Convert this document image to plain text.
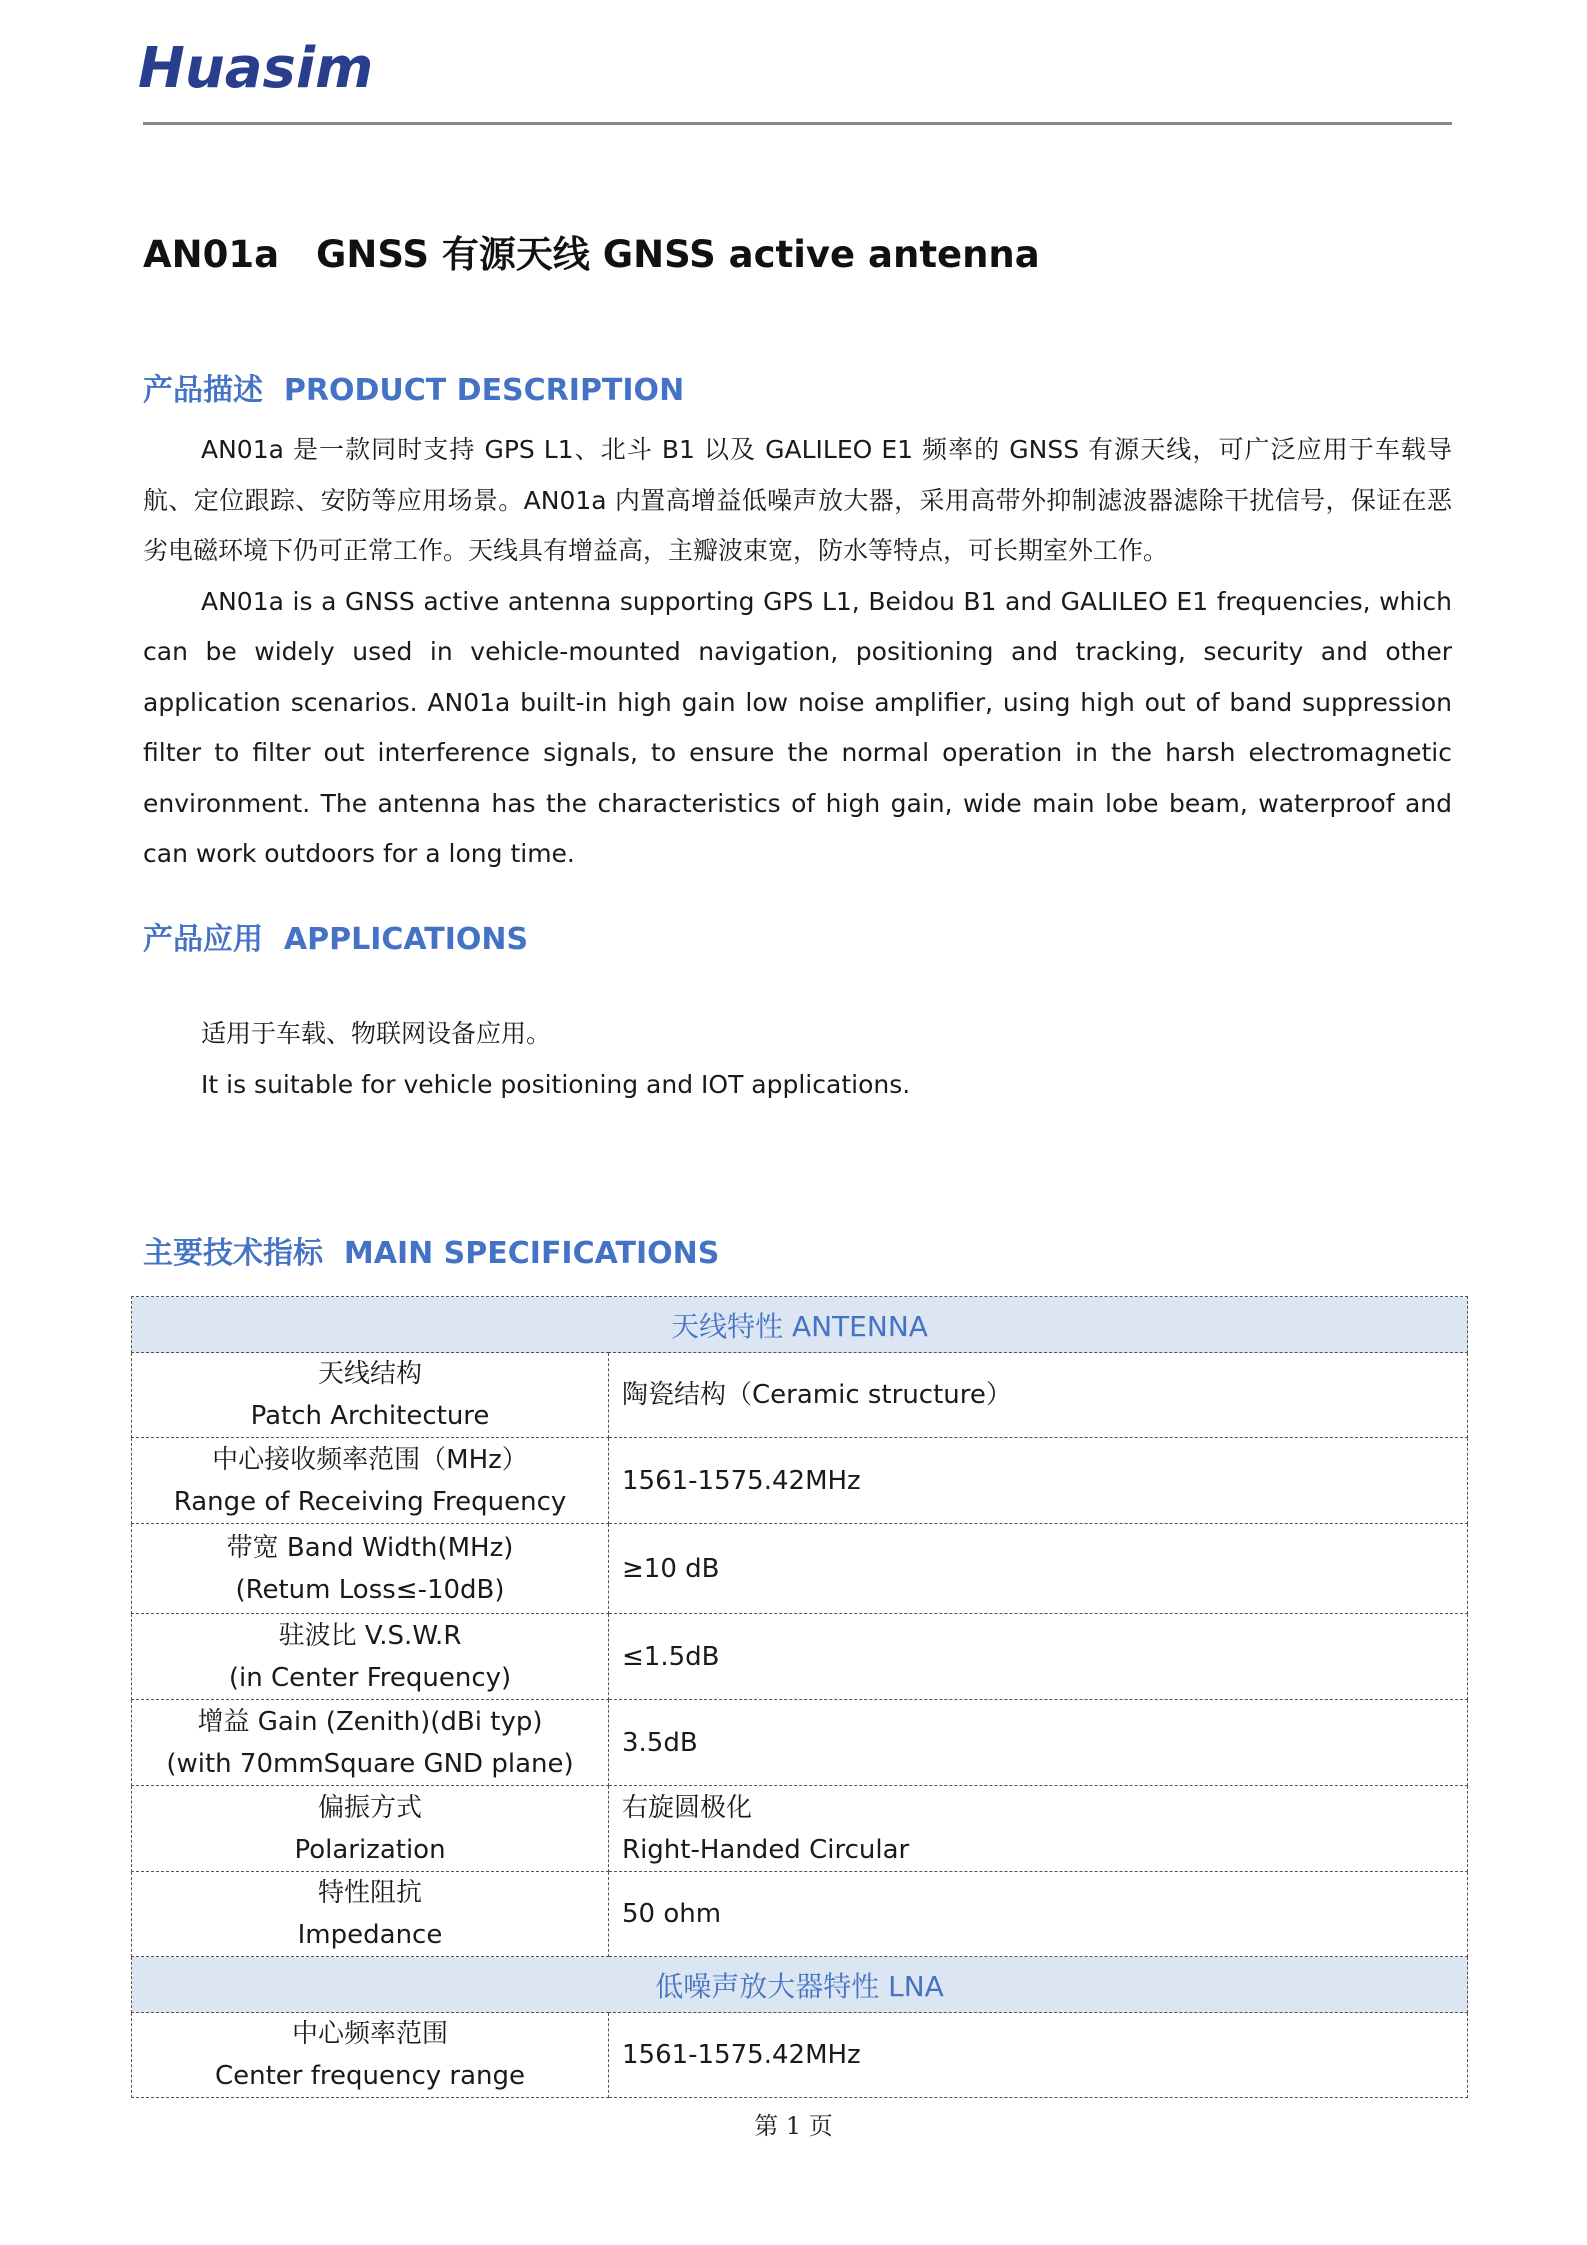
Huasim
AN01a　GNSS 有源天线 GNSS active antenna
产品描述  PRODUCT DESCRIPTION

AN01a 是一款同时支持 GPS L1、北斗 B1 以及 GALILEO E1 频率的 GNSS 有源天线，可广泛应用于车载导航、定位跟踪、安防等应用场景。AN01a 内置高增益低噪声放大器，采用高带外抑制滤波器滤除干扰信号，保证在恶劣电磁环境下仍可正常工作。天线具有增益高，主瓣波束宽，防水等特点，可长期室外工作。

AN01a is a GNSS active antenna supporting GPS L1, Beidou B1 and GALILEO E1 frequencies, which can be widely used in vehicle-mounted navigation, positioning and tracking, security and other application scenarios. AN01a built-in high gain low noise amplifier, using high out of band suppression filter to filter out interference signals, to ensure the normal operation in the harsh electromagnetic environment. The antenna has the characteristics of high gain, wide main lobe beam, waterproof and can work outdoors for a long time.

产品应用  APPLICATIONS
适用于车载、物联网设备应用。
It is suitable for vehicle positioning and IOT applications.
主要技术指标  MAIN SPECIFICATIONS
天线特性 ANTENNA	

天线结构
Patch Architecture	陶瓷结构（Ceramic structure）

中心接收频率范围（MHz）
Range of Receiving Frequency	1561-1575.42MHz

带宽 Band Width(MHz)
(Retum Loss≤-10dB)	≥10 dB

驻波比 V.S.W.R
(in Center Frequency)	≤1.5dB

增益 Gain (Zenith)(dBi typ)
(with 70mmSquare GND plane)	3.5dB

偏振方式
Polarization	右旋圆极化
Right-Handed Circular

特性阻抗
Impedance	50 ohm

低噪声放大器特性 LNA	

中心频率范围
Center frequency range	1561-1575.42MHz
第 1 页
